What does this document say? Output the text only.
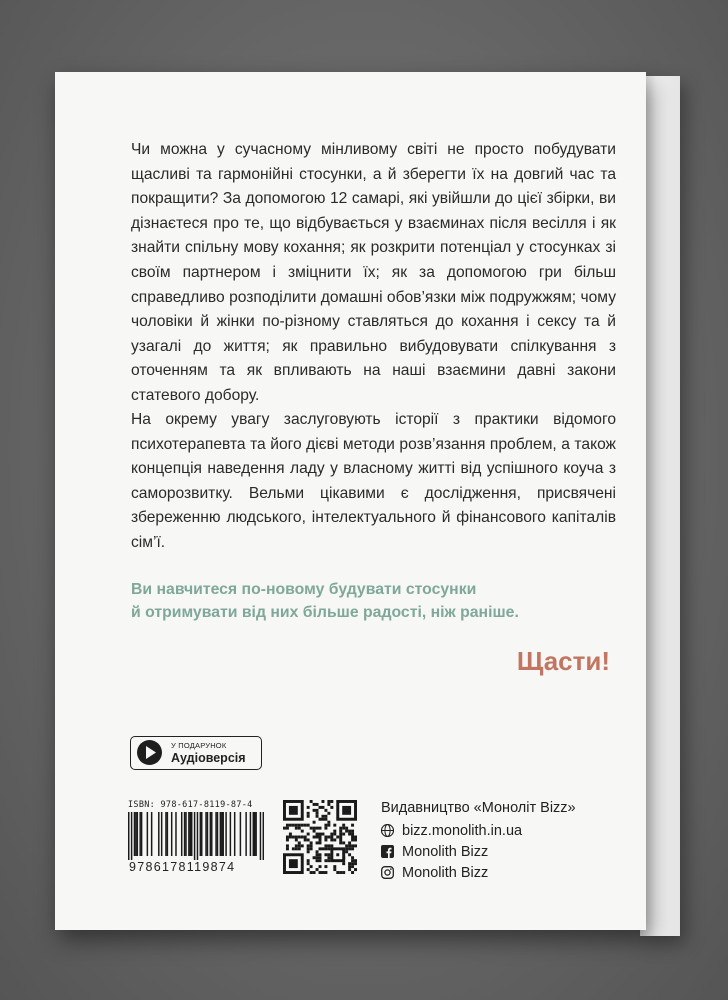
Чи можна у сучасному мінливому світі не просто побудувати щасливі та гармонійні стосунки, а й зберегти їх на довгий час та покращити? За допомогою 12 самарі, які увійшли до цієї збірки, ви дізнаєтеся про те, що відбувається у взаєминах після весілля і як знайти спільну мову кохання; як розкрити потенціал у стосунках зі своїм партнером і зміцнити їх; як за допомогою гри більш справедливо розподілити домашні обов’язки між подружжям; чому чоловіки й жінки по-різному ставляться до кохання і сексу та й узагалі до життя; як правильно вибудовувати спілкування з оточенням та як впливають на наші взаємини давні закони статевого добору.

На окрему увагу заслуговують історії з практики відомого психотерапевта та його дієві методи розв’язання проблем, а також концепція наведення ладу у власному житті від успішного коуча з саморозвитку. Вельми цікавими є дослідження, присвячені збереженню людського, інтелектуального й фінансового капіталів сім’ї.

Ви навчитеся по-новому будувати стосунки
й отримувати від них більше радості, ніж раніше.
Щасти!
У ПОДАРУНОК
Аудіоверсія
ISBN: 978-617-8119-87-4
9786178119874
Видавництво «Моноліт Bizz»
bizz.monolith.in.ua
Monolith Bizz
Monolith Bizz
